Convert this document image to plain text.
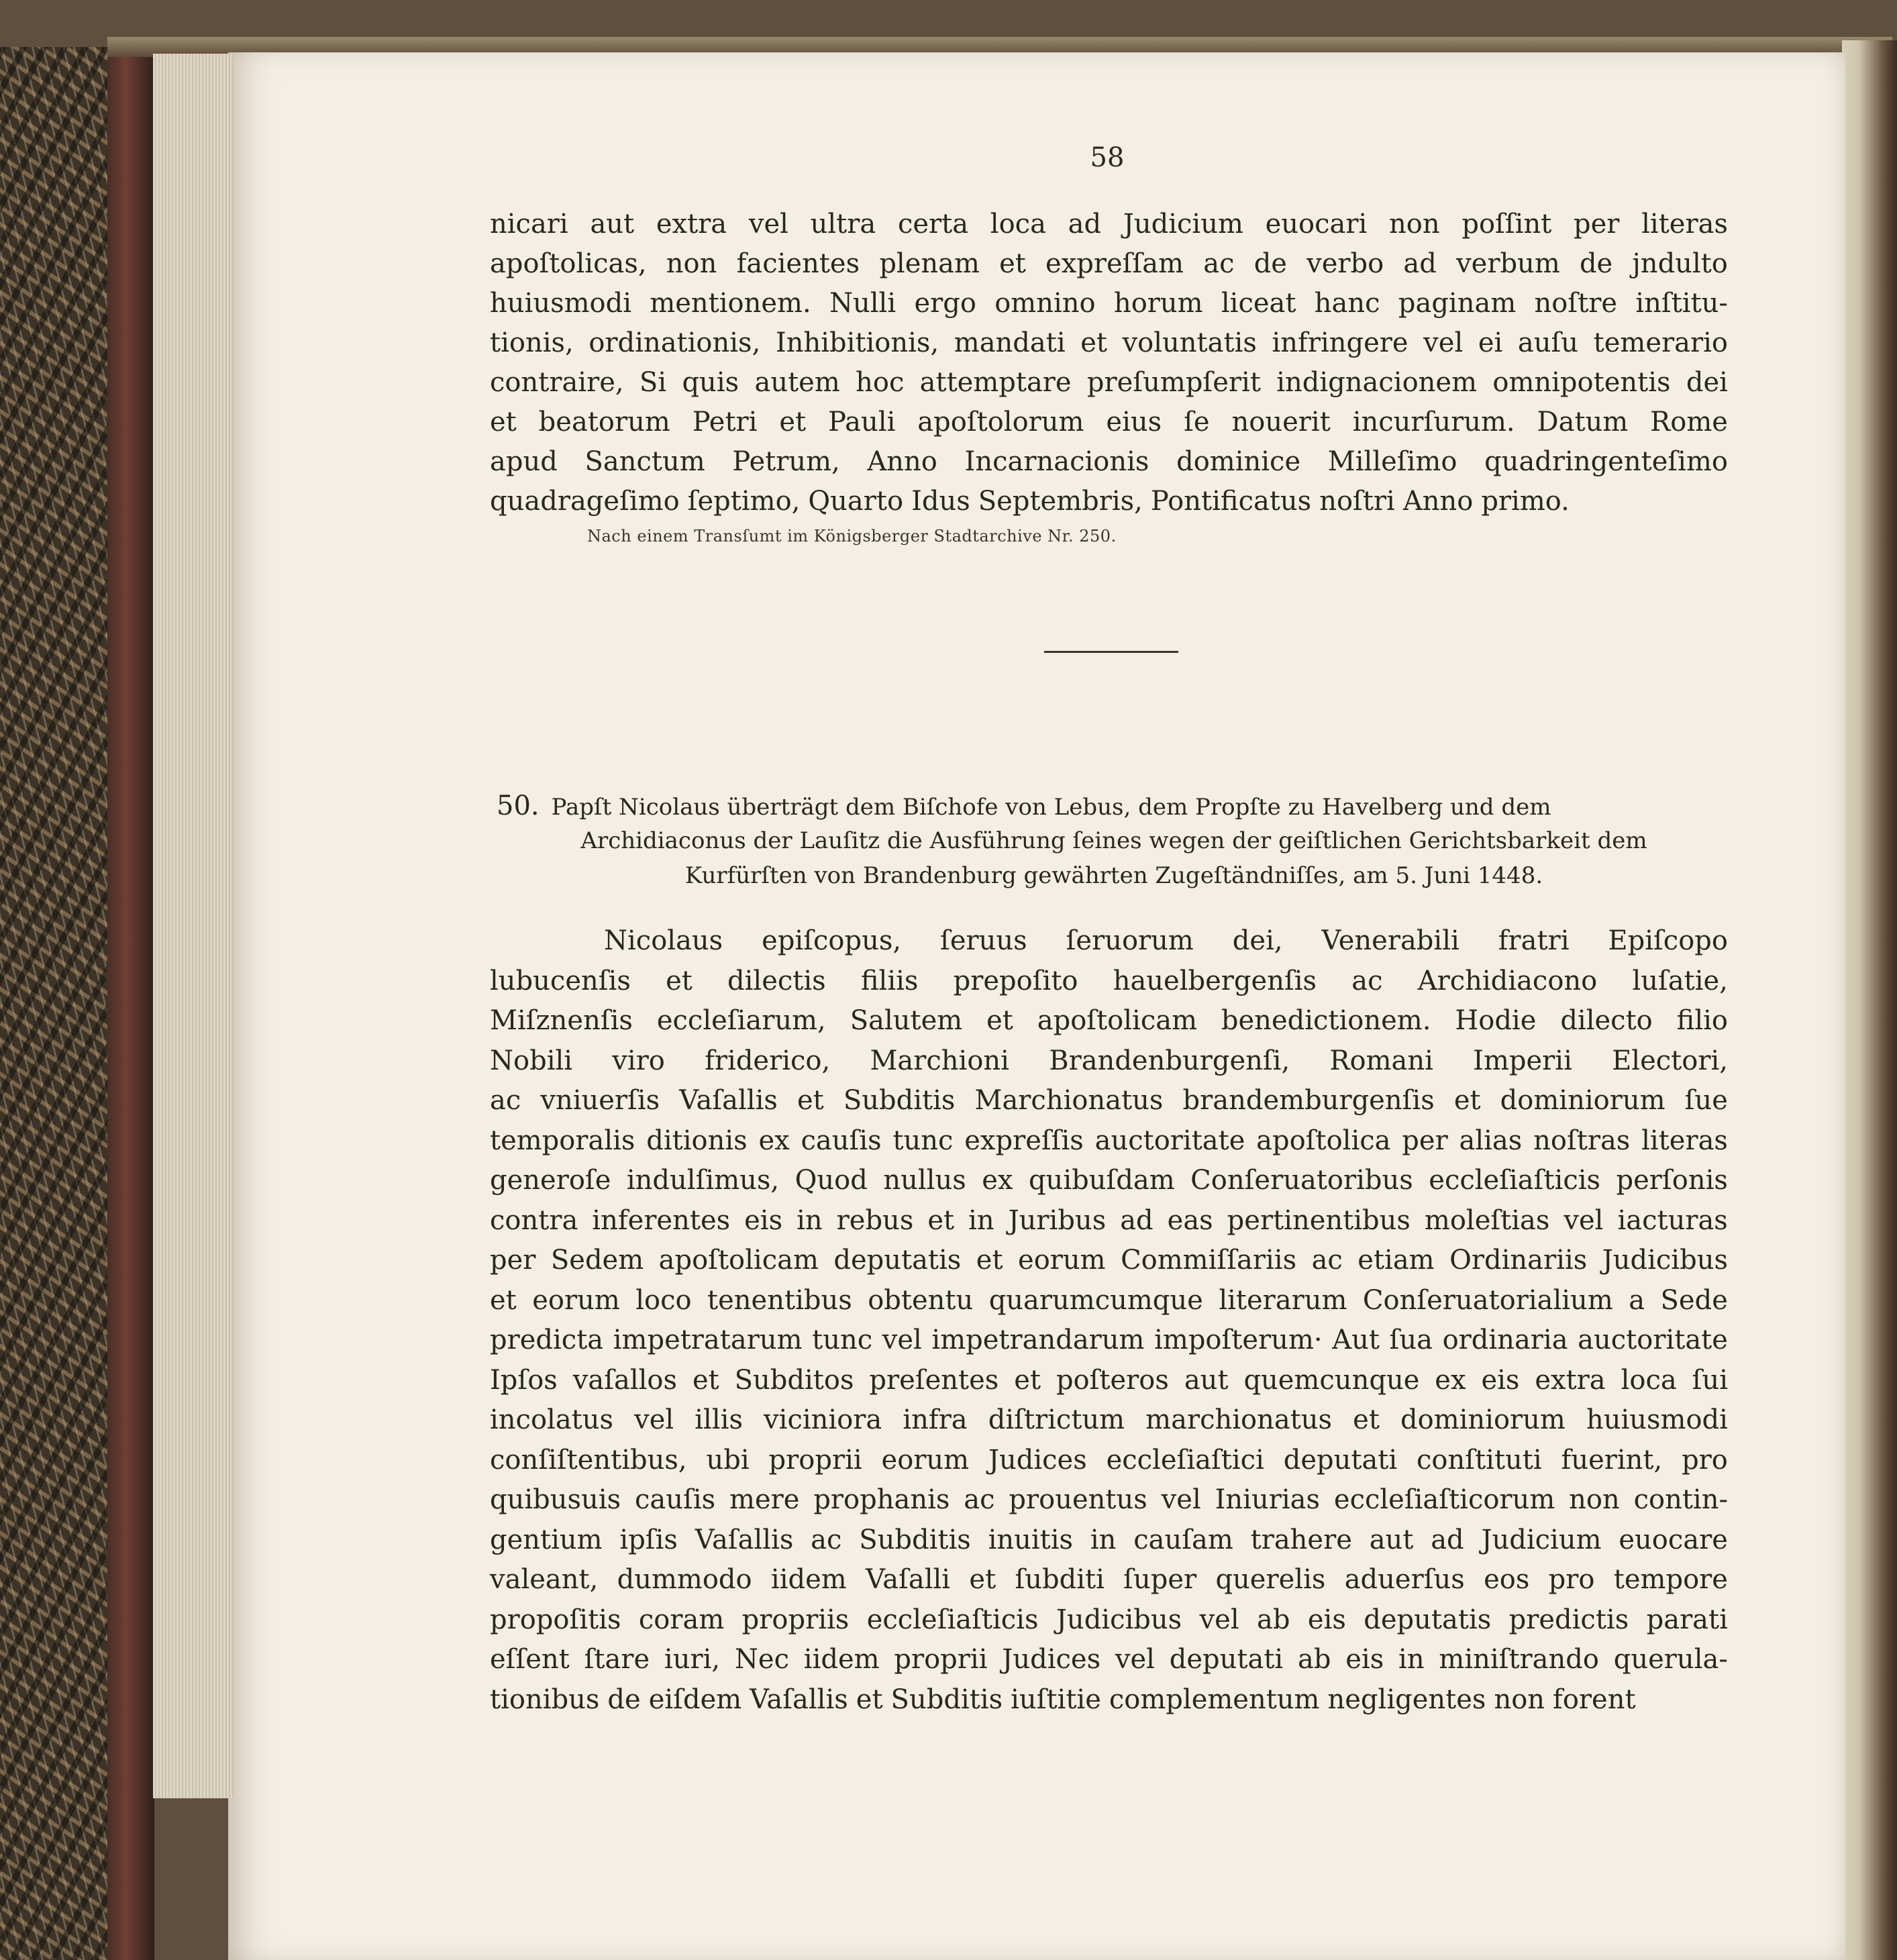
58
nicari aut extra vel ultra certa loca ad Judicium euocari non poſſint per literas
apoſtolicas, non facientes plenam et expreſſam ac de verbo ad verbum de jndulto
huiusmodi mentionem. Nulli ergo omnino horum liceat hanc paginam noſtre inſtitu-
tionis, ordinationis, Inhibitionis, mandati et voluntatis infringere vel ei auſu temerario
contraire, Si quis autem hoc attemptare preſumpſerit indignacionem omnipotentis dei
et beatorum Petri et Pauli apoſtolorum eius ſe nouerit incurſurum. Datum Rome
apud Sanctum Petrum, Anno Incarnacionis dominice Milleſimo quadringenteſimo
quadrageſimo ſeptimo, Quarto Idus Septembris, Pontificatus noſtri Anno primo.
Nach einem Transſumt im Königsberger Stadtarchive Nr. 250.
50. Papſt Nicolaus überträgt dem Biſchofe von Lebus, dem Propſte zu Havelberg und dem
Archidiaconus der Lauſitz die Ausführung ſeines wegen der geiſtlichen Gerichtsbarkeit dem
Kurfürſten von Brandenburg gewährten Zugeſtändniſſes, am 5. Juni 1448.
Nicolaus epiſcopus, ſeruus ſeruorum dei, Venerabili fratri Epiſcopo
lubucenſis et dilectis filiis prepoſito hauelbergenſis ac Archidiacono luſatie,
Miſznenſis eccleſiarum, Salutem et apoſtolicam benedictionem. Hodie dilecto filio
Nobili viro friderico, Marchioni Brandenburgenſi, Romani Imperii Electori,
ac vniuerſis Vaſallis et Subditis Marchionatus brandemburgenſis et dominiorum ſue
temporalis ditionis ex cauſis tunc expreſſis auctoritate apoſtolica per alias noſtras literas
generoſe indulſimus, Quod nullus ex quibuſdam Conſeruatoribus eccleſiaſticis perſonis
contra inferentes eis in rebus et in Juribus ad eas pertinentibus moleſtias vel iacturas
per Sedem apoſtolicam deputatis et eorum Commiſſariis ac etiam Ordinariis Judicibus
et eorum loco tenentibus obtentu quarumcumque literarum Conſeruatorialium a Sede
predicta impetratarum tunc vel impetrandarum impoſterum· Aut ſua ordinaria auctoritate
Ipſos vaſallos et Subditos preſentes et poſteros aut quemcunque ex eis extra loca ſui
incolatus vel illis viciniora infra diſtrictum marchionatus et dominiorum huiusmodi
conſiſtentibus, ubi proprii eorum Judices eccleſiaſtici deputati conſtituti fuerint, pro
quibusuis cauſis mere prophanis ac prouentus vel Iniurias eccleſiaſticorum non contin-
gentium ipſis Vaſallis ac Subditis inuitis in cauſam trahere aut ad Judicium euocare
valeant, dummodo iidem Vaſalli et ſubditi ſuper querelis aduerſus eos pro tempore
propoſitis coram propriis eccleſiaſticis Judicibus vel ab eis deputatis predictis parati
eſſent ſtare iuri, Nec iidem proprii Judices vel deputati ab eis in miniſtrando querula-
tionibus de eiſdem Vaſallis et Subditis iuſtitie complementum negligentes non forent
